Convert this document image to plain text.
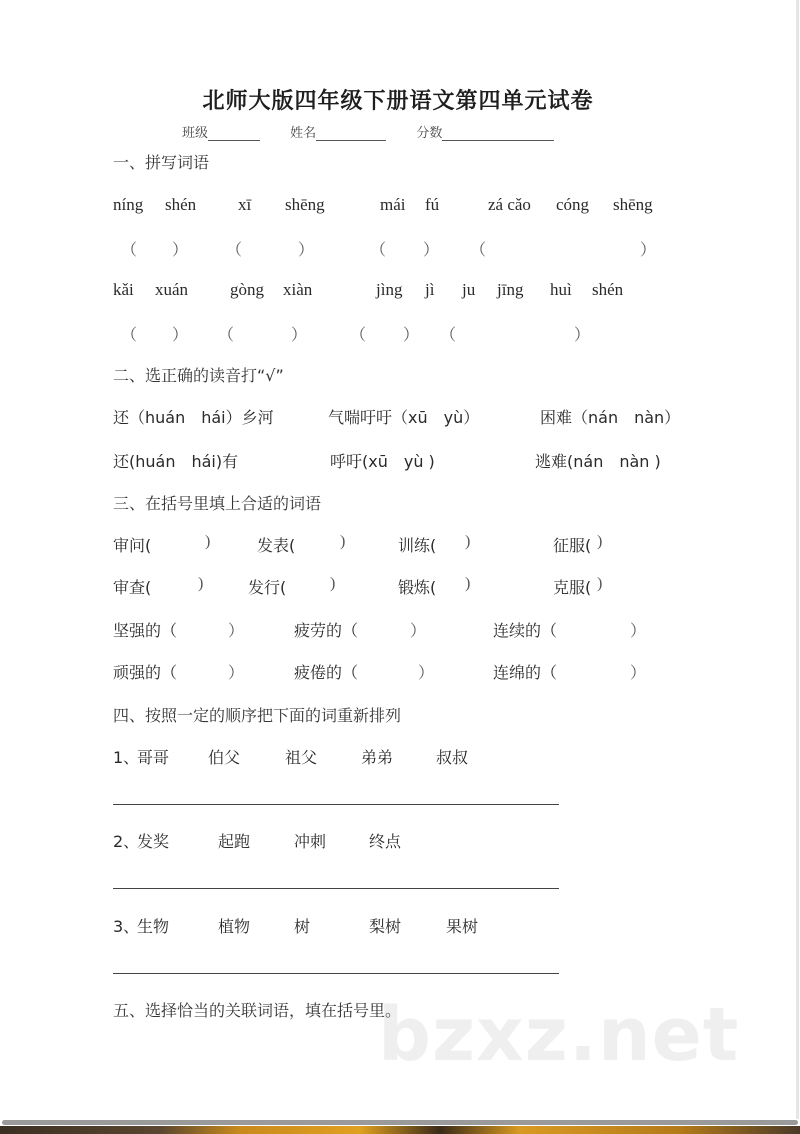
bzxz.net
北师大版四年级下册语文第四单元试卷
班级	姓名	分数
一、拼写词语
níng shén xī shēng	mái fú	zá cǎo cóng shēng
（ ） （	）	（ ） （	）
kǎi xuán gòng xiàn	jìng jì ju jīng huì shén
（ ） （	）	（ ） （	）
二、选正确的读音打“√”
还（huán　hái）乡河	气喘吁吁（xū　yù）	困难（nán　nàn）
还(huán　hái)有	呼吁(xū　yù )	逃难(nán　nàn )
三、在括号里填上合适的词语
审问(	)	发表(	)	训练( )	征服( )
审查(	)	发行(	)	锻炼( )	克服( )
坚强的（	）	疲劳的（	）	连续的（	）
顽强的（	）	疲倦的（	）	连绵的（	）
四、按照一定的顺序把下面的词重新排列
1、
哥哥 伯父	祖父	弟弟	叔叔
2、
发奖	起跑	冲刺	终点
3、
生物	植物	树	梨树	果树
五、选择恰当的关联词语，填在括号里。
